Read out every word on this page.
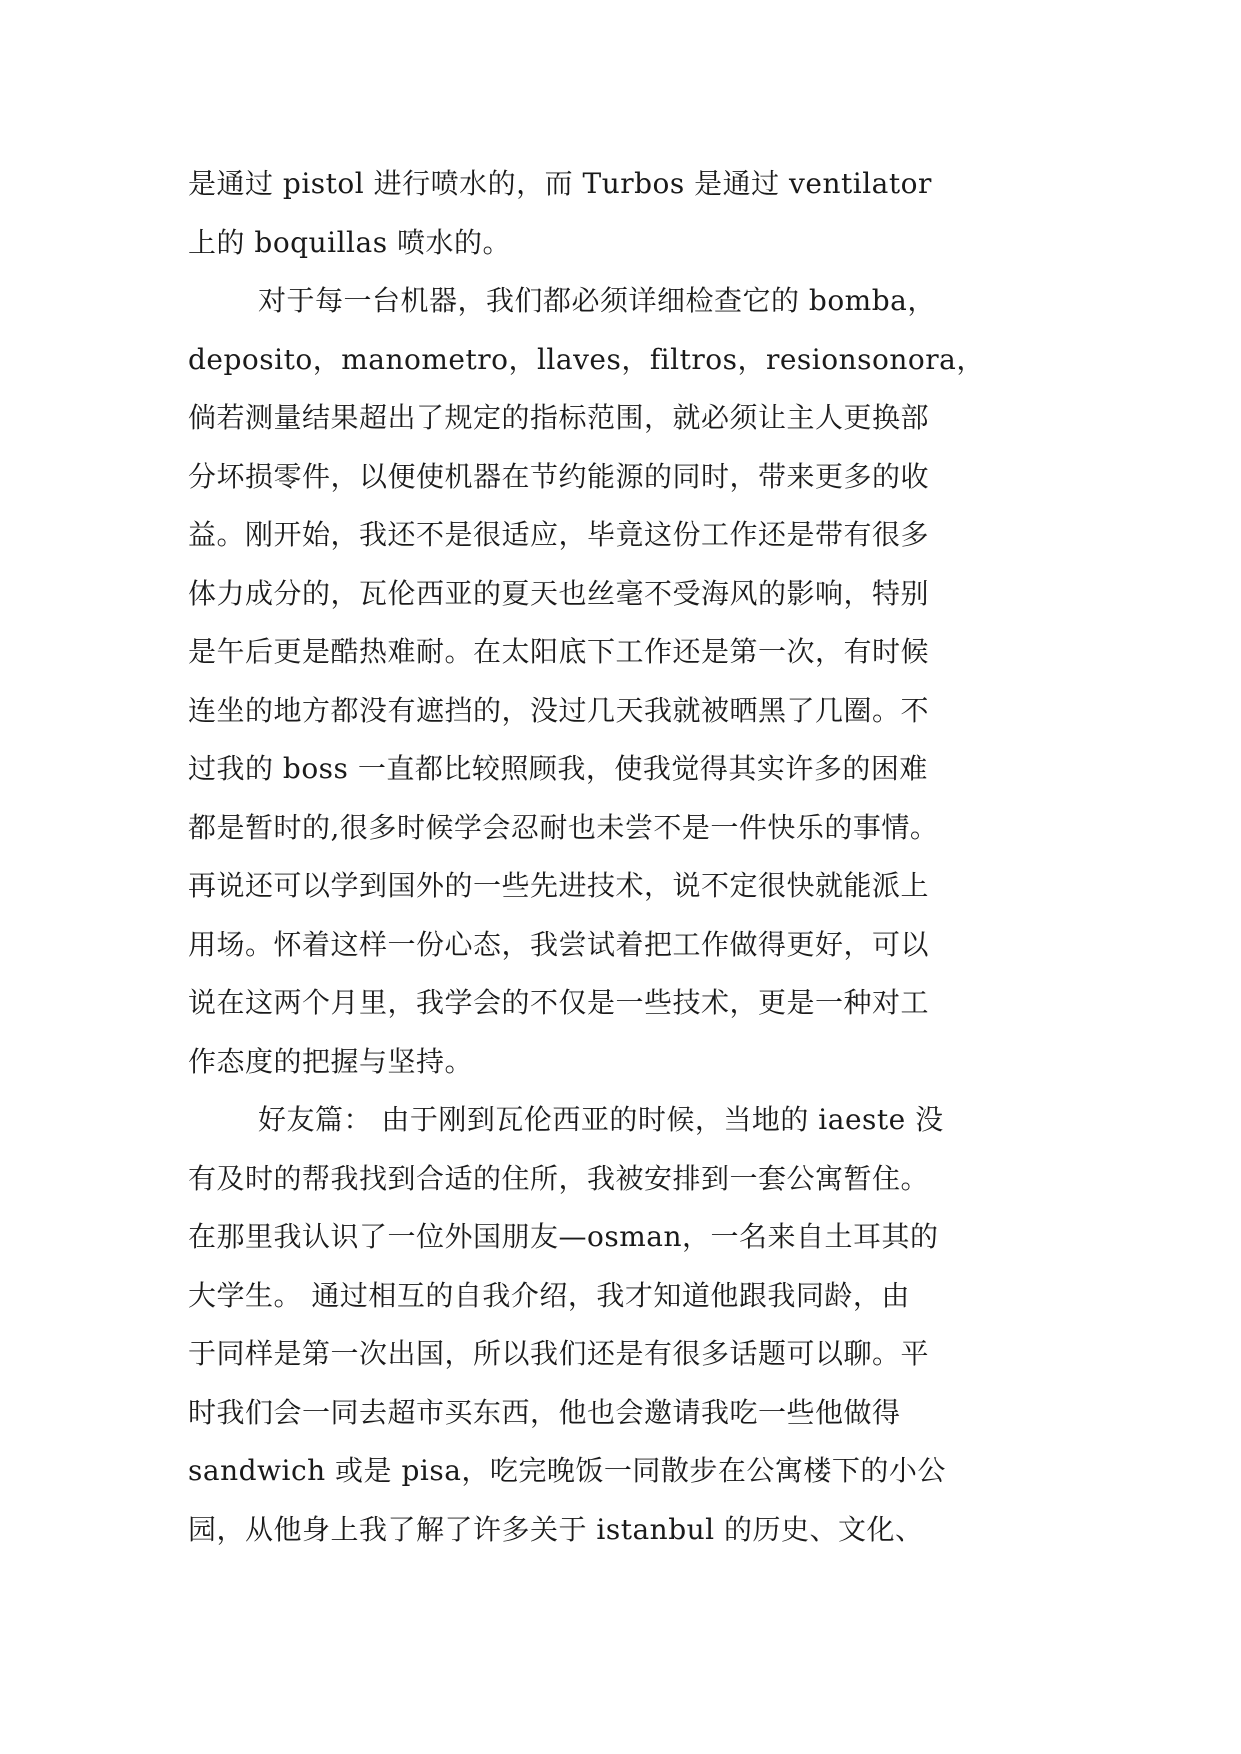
是通过 pistol 进行喷水的，而 Turbos 是通过 ventilator
上的 boquillas 喷水的。
对于每一台机器，我们都必须详细检查它的 bomba，
deposito，manometro，llaves，filtros，resionsonora，
倘若测量结果超出了规定的指标范围，就必须让主人更换部
分坏损零件，以便使机器在节约能源的同时，带来更多的收
益。刚开始，我还不是很适应，毕竟这份工作还是带有很多
体力成分的，瓦伦西亚的夏天也丝毫不受海风的影响，特别
是午后更是酷热难耐。在太阳底下工作还是第一次，有时候
连坐的地方都没有遮挡的，没过几天我就被晒黑了几圈。不
过我的 boss 一直都比较照顾我，使我觉得其实许多的困难
都是暂时的,很多时候学会忍耐也未尝不是一件快乐的事情。
再说还可以学到国外的一些先进技术，说不定很快就能派上
用场。怀着这样一份心态，我尝试着把工作做得更好，可以
说在这两个月里，我学会的不仅是一些技术，更是一种对工
作态度的把握与坚持。
好友篇： 由于刚到瓦伦西亚的时候，当地的 iaeste 没
有及时的帮我找到合适的住所，我被安排到一套公寓暂住。
在那里我认识了一位外国朋友—osman，一名来自土耳其的
大学生。 通过相互的自我介绍，我才知道他跟我同龄，由
于同样是第一次出国，所以我们还是有很多话题可以聊。平
时我们会一同去超市买东西，他也会邀请我吃一些他做得
sandwich 或是 pisa，吃完晚饭一同散步在公寓楼下的小公
园，从他身上我了解了许多关于 istanbul 的历史、文化、
